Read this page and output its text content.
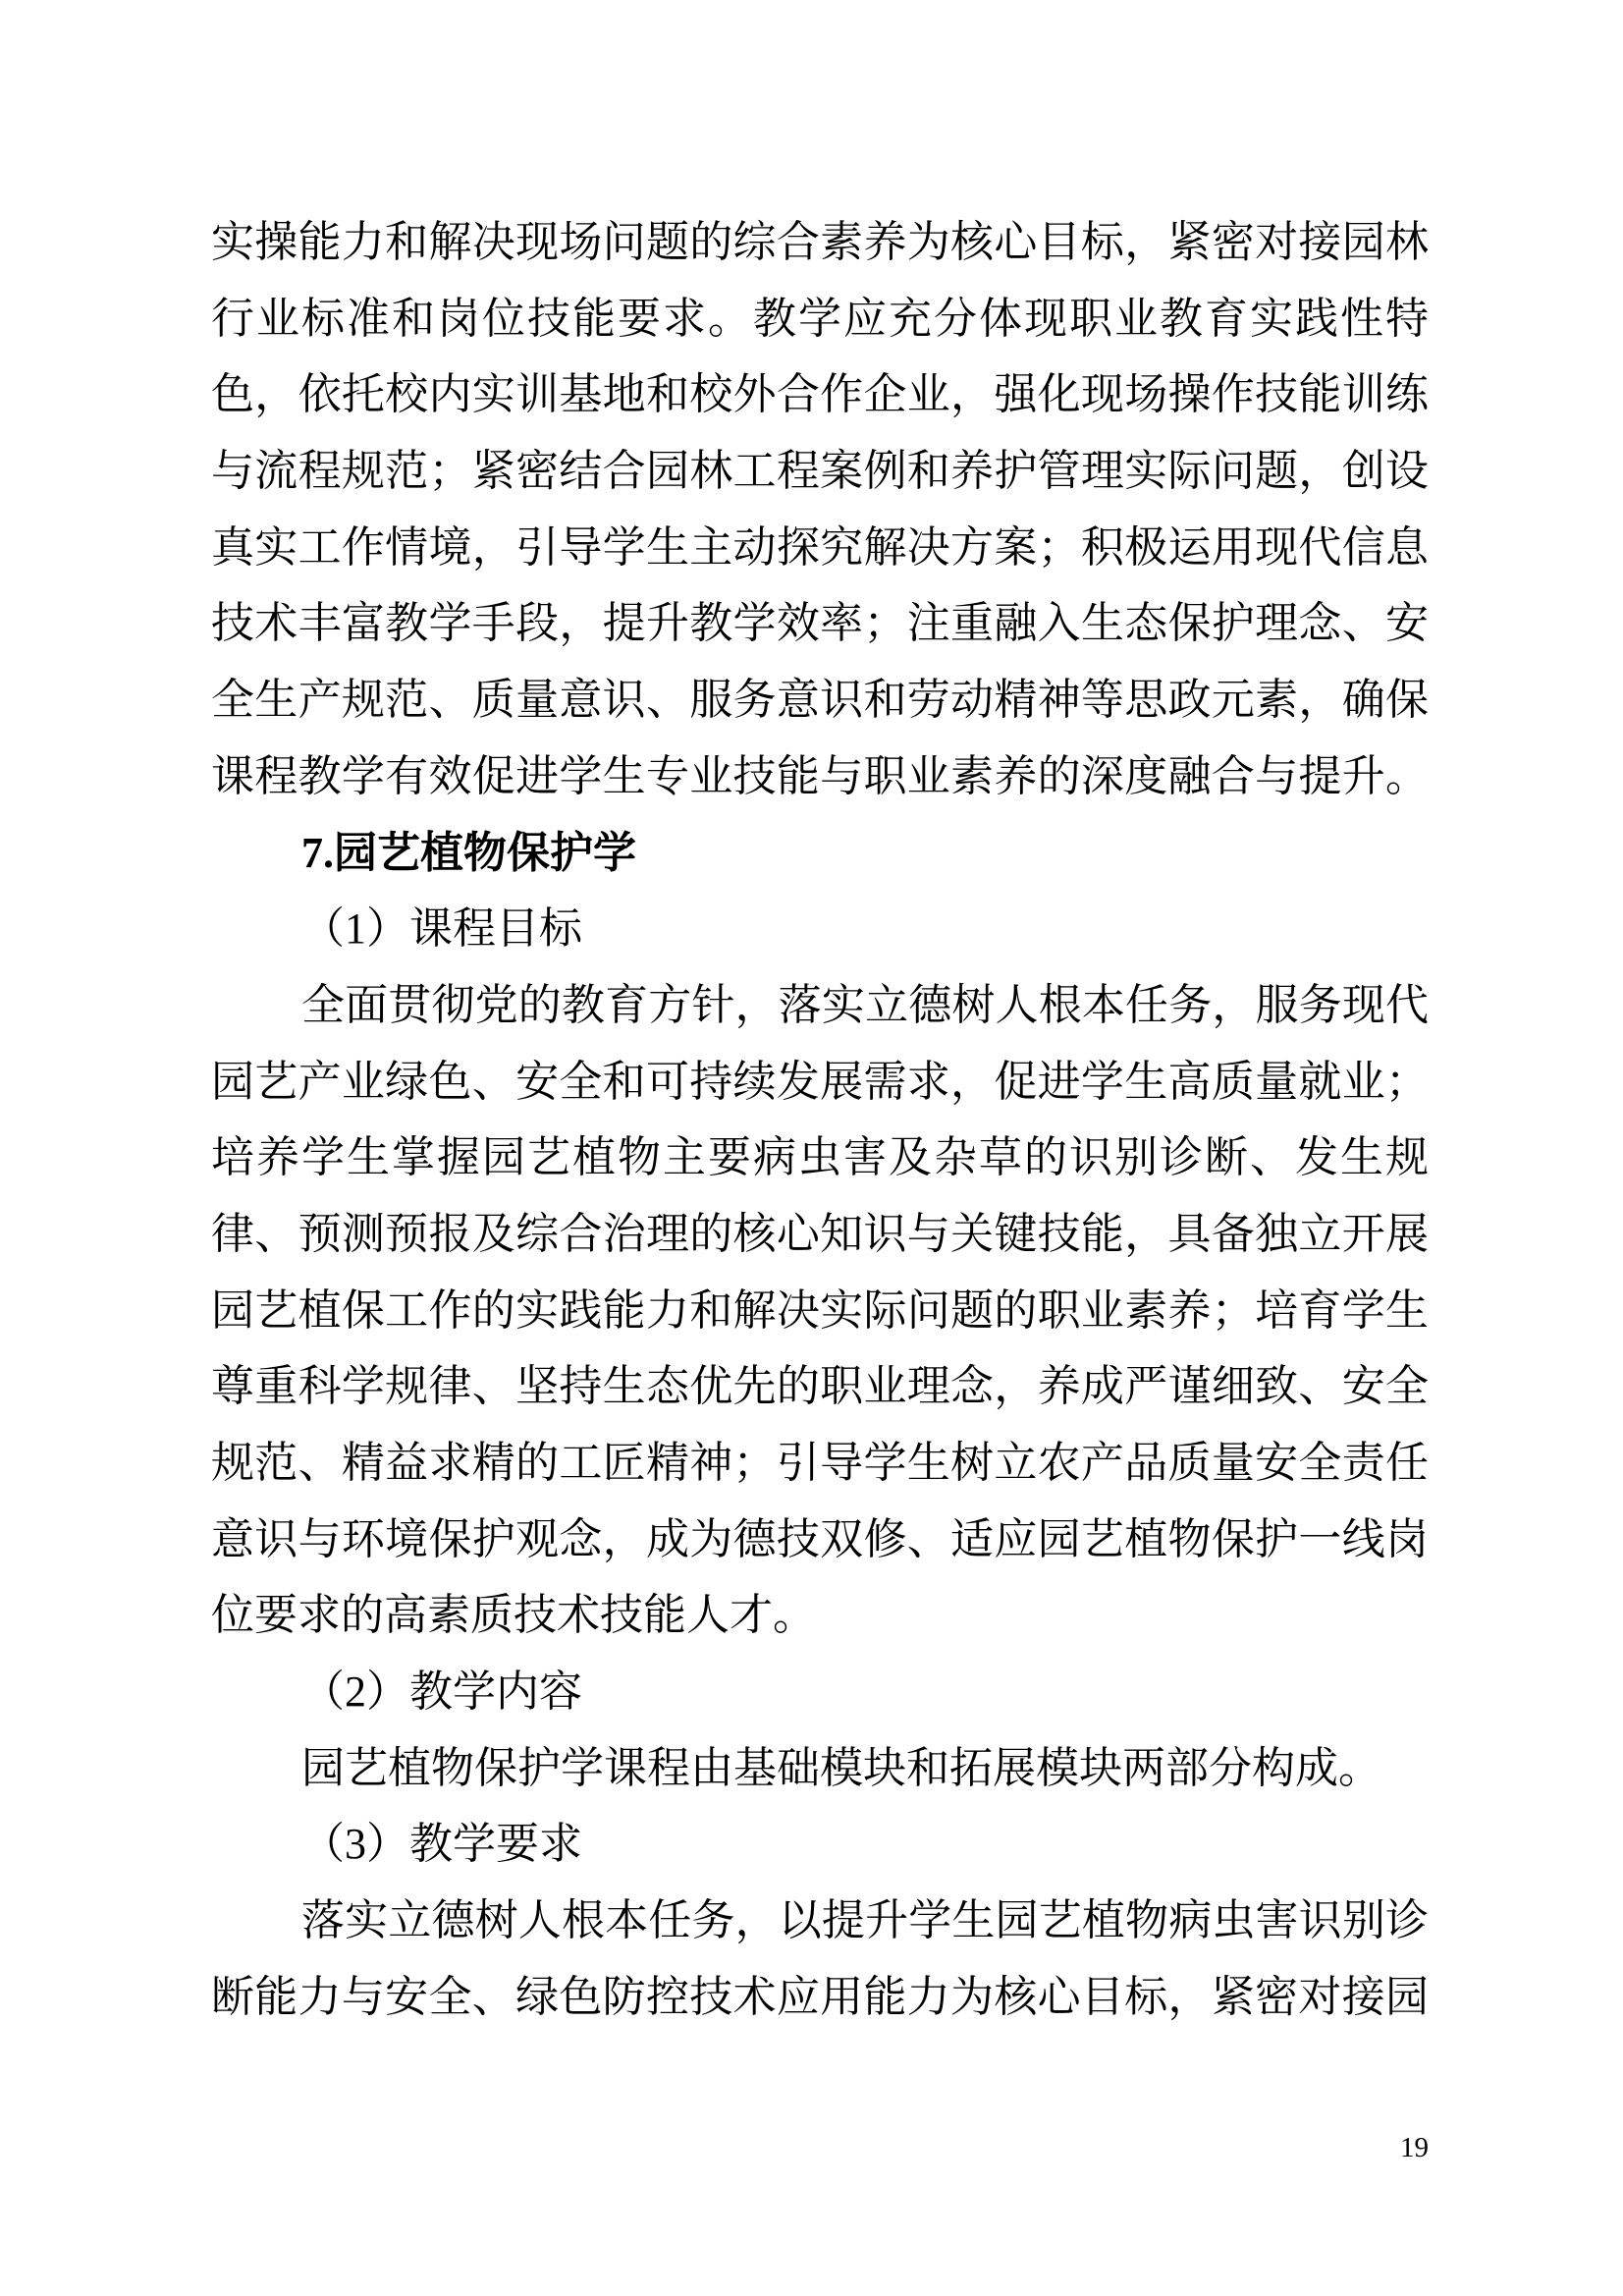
实操能力和解决现场问题的综合素养为核心目标，紧密对接园林
行业标准和岗位技能要求。教学应充分体现职业教育实践性特
色，依托校内实训基地和校外合作企业，强化现场操作技能训练
与流程规范；紧密结合园林工程案例和养护管理实际问题，创设
真实工作情境，引导学生主动探究解决方案；积极运用现代信息
技术丰富教学手段，提升教学效率；注重融入生态保护理念、安
全生产规范、质量意识、服务意识和劳动精神等思政元素，确保
课程教学有效促进学生专业技能与职业素养的深度融合与提升。
7.园艺植物保护学
（1）课程目标
全面贯彻党的教育方针，落实立德树人根本任务，服务现代
园艺产业绿色、安全和可持续发展需求，促进学生高质量就业；
培养学生掌握园艺植物主要病虫害及杂草的识别诊断、发生规
律、预测预报及综合治理的核心知识与关键技能，具备独立开展
园艺植保工作的实践能力和解决实际问题的职业素养；培育学生
尊重科学规律、坚持生态优先的职业理念，养成严谨细致、安全
规范、精益求精的工匠精神；引导学生树立农产品质量安全责任
意识与环境保护观念，成为德技双修、适应园艺植物保护一线岗
位要求的高素质技术技能人才。
（2）教学内容
园艺植物保护学课程由基础模块和拓展模块两部分构成。
（3）教学要求
落实立德树人根本任务，以提升学生园艺植物病虫害识别诊
断能力与安全、绿色防控技术应用能力为核心目标，紧密对接园
19
